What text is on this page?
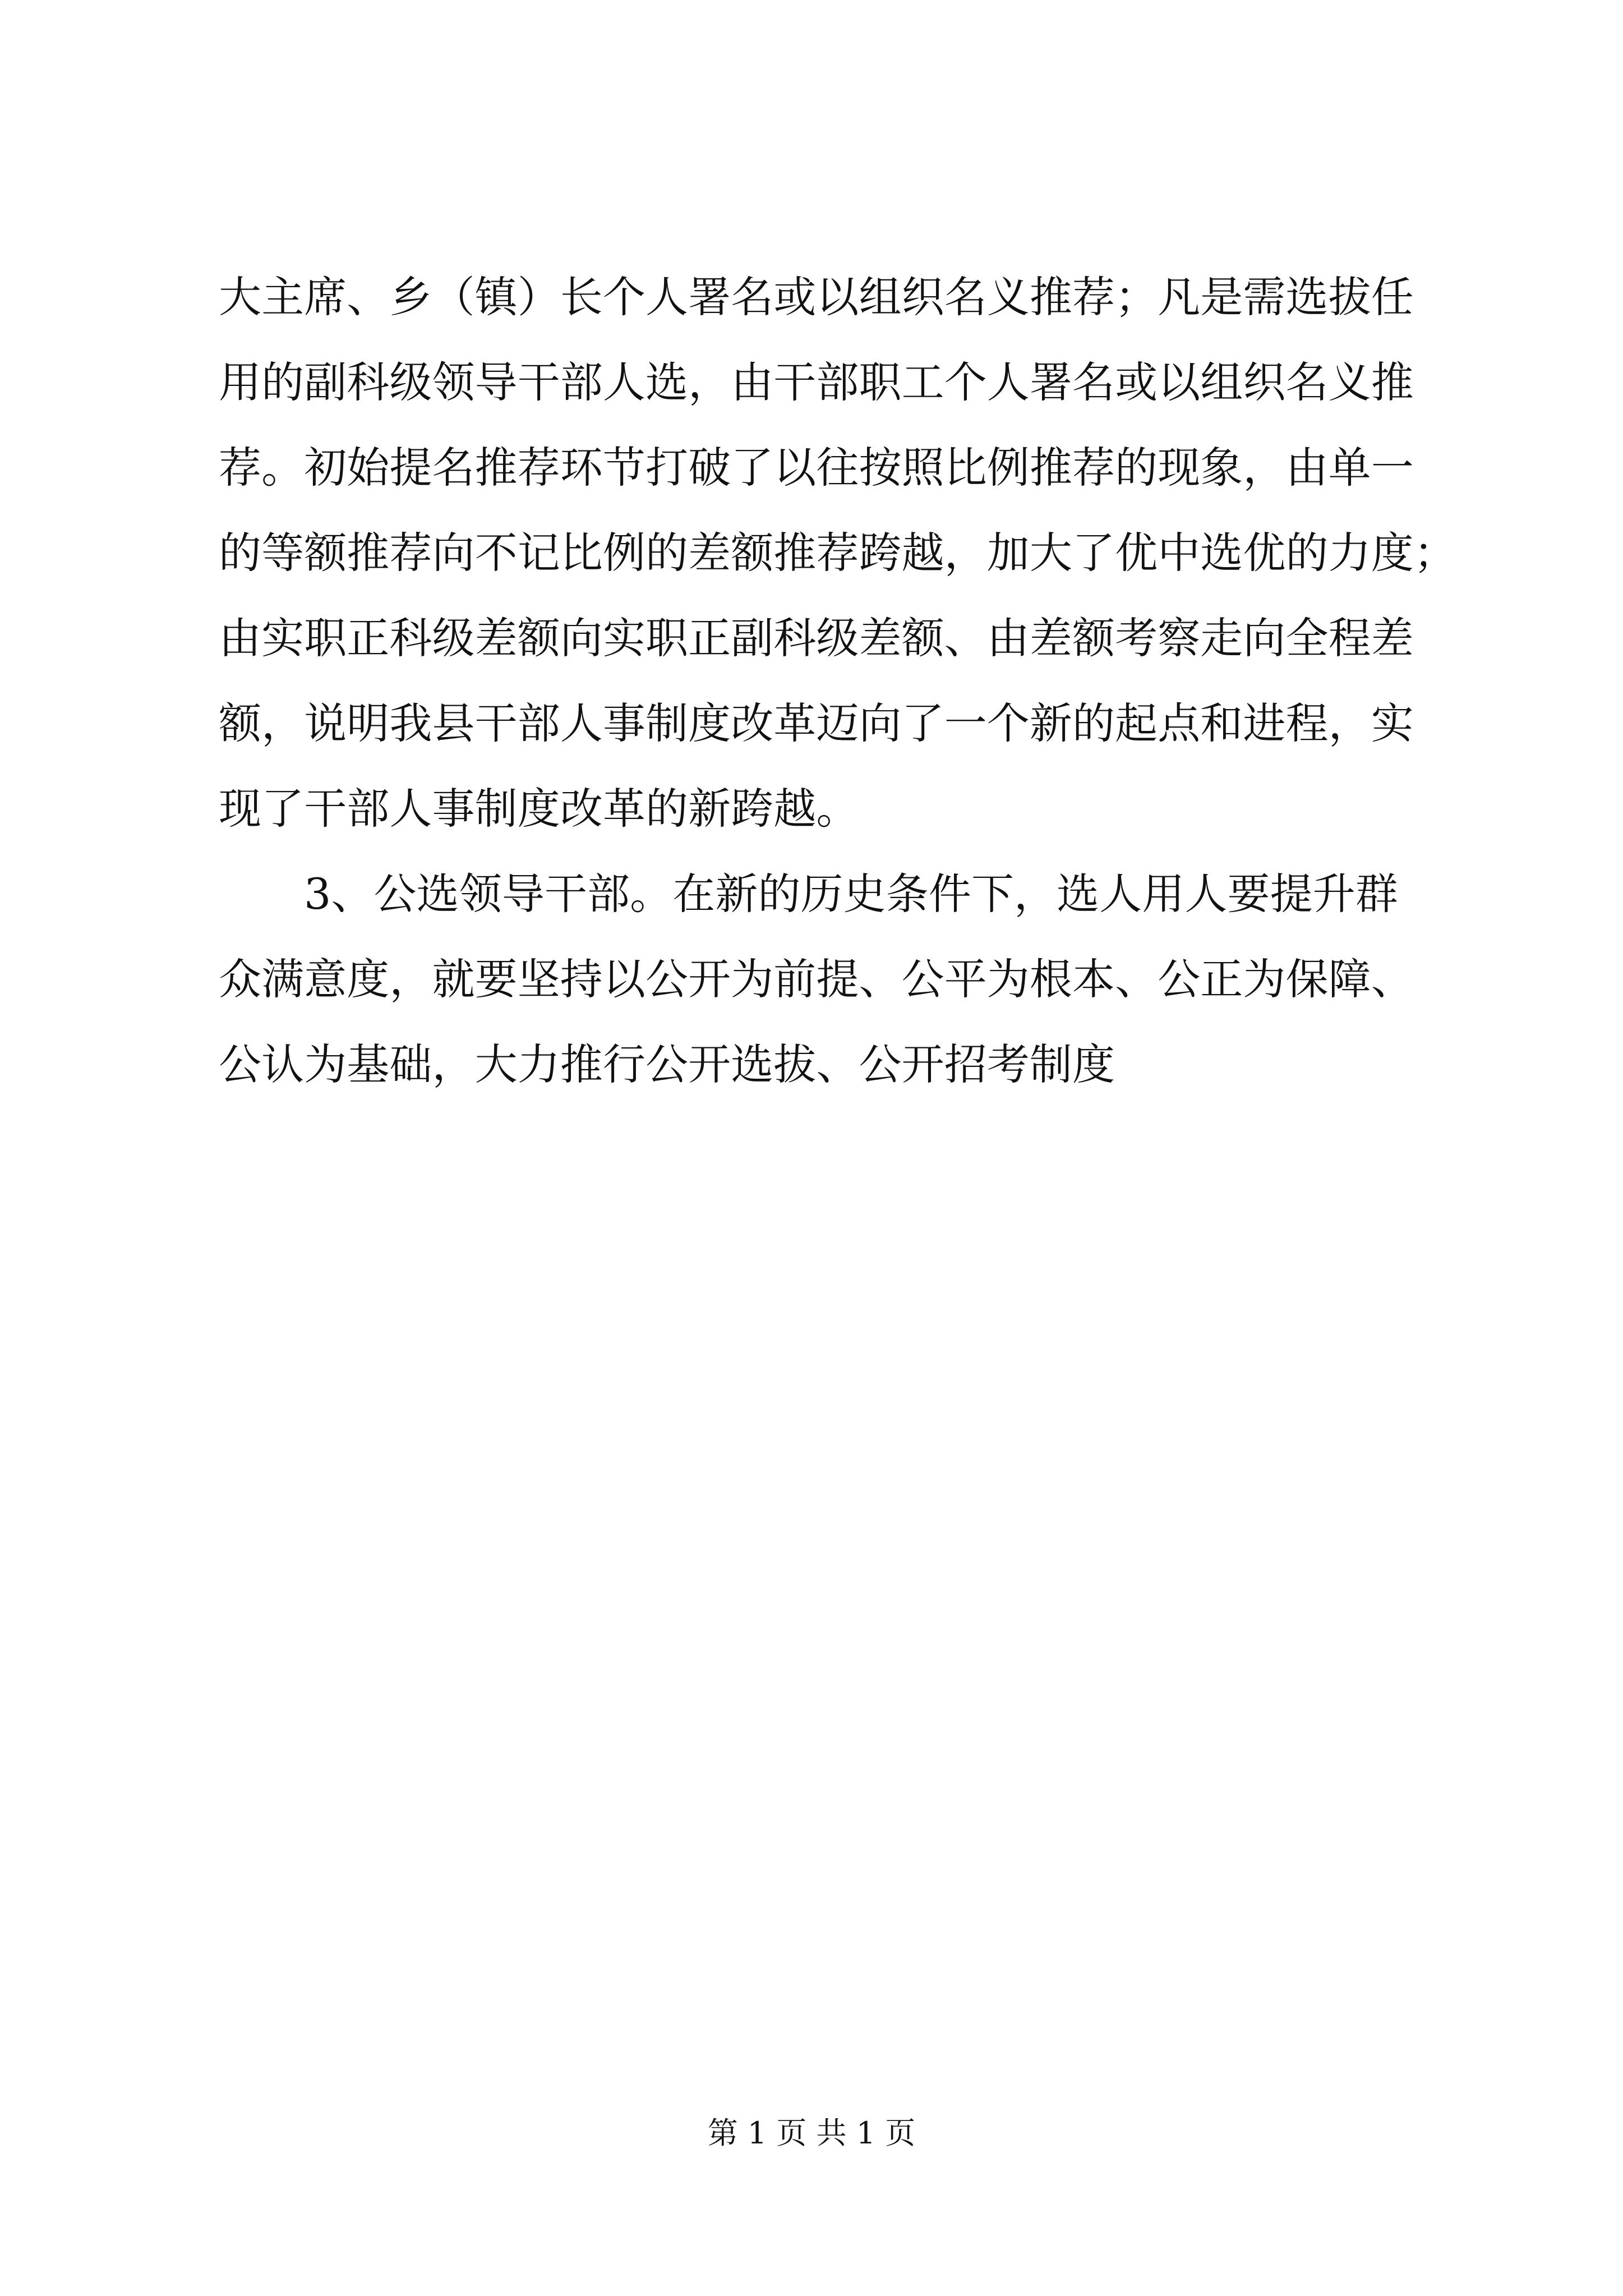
大主席、乡（镇）长个人署名或以组织名义推荐；凡是需选拔任
用的副科级领导干部人选，由干部职工个人署名或以组织名义推
荐。初始提名推荐环节打破了以往按照比例推荐的现象，由单一
的等额推荐向不记比例的差额推荐跨越，加大了优中选优的力度；
由实职正科级差额向实职正副科级差额、由差额考察走向全程差
额，说明我县干部人事制度改革迈向了一个新的起点和进程，实
现了干部人事制度改革的新跨越。
3、公选领导干部。在新的历史条件下，选人用人要提升群
众满意度，就要坚持以公开为前提、公平为根本、公正为保障、
公认为基础，大力推行公开选拔、公开招考制度
第 1 页 共 1 页
